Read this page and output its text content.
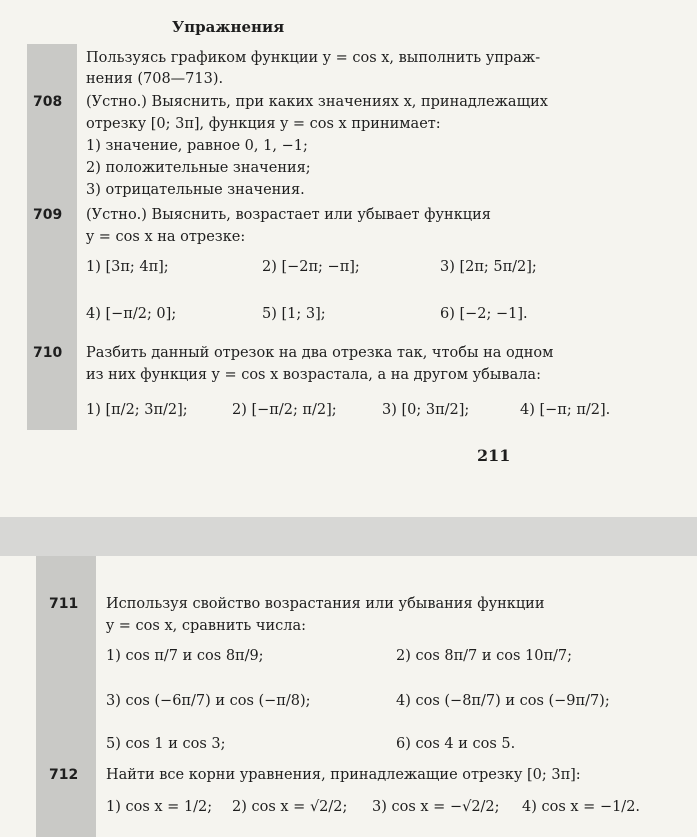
Упражнения
Пользуясь графиком функции y = cos x, выполнить упраж-
нения (708—713).
708 (Устно.) Выяснить, при каких значениях x, принадлежащих
отрезку [0; 3π], функция y = cos x принимает:
1) значение, равное 0, 1, −1;
2) положительные значения;
3) отрицательные значения.
709 (Устно.) Выяснить, возрастает или убывает функция
y = cos x на отрезке:
1) [3π; 4π];	2) [−2π; −π];	3) [2π; 5π/2];
4) [−π/2; 0];	5) [1; 3];	6) [−2; −1].
710 Разбить данный отрезок на два отрезка так, чтобы на одном
из них функция y = cos x возрастала, а на другом убывала:
1) [π/2; 3π/2];	2) [−π/2; π/2];	3) [0; 3π/2];	4) [−π; π/2].
211
711 Используя свойство возрастания или убывания функции
y = cos x, сравнить числа:
1) cos π/7 и cos 8π/9;	2) cos 8π/7 и cos 10π/7;
3) cos (−6π/7) и cos (−π/8);	4) cos (−8π/7) и cos (−9π/7);
5) cos 1 и cos 3;	6) cos 4 и cos 5.
712 Найти все корни уравнения, принадлежащие отрезку [0; 3π]:
1) cos x = 1/2; 2) cos x = √2/2; 3) cos x = −√2/2; 4) cos x = −1/2.
